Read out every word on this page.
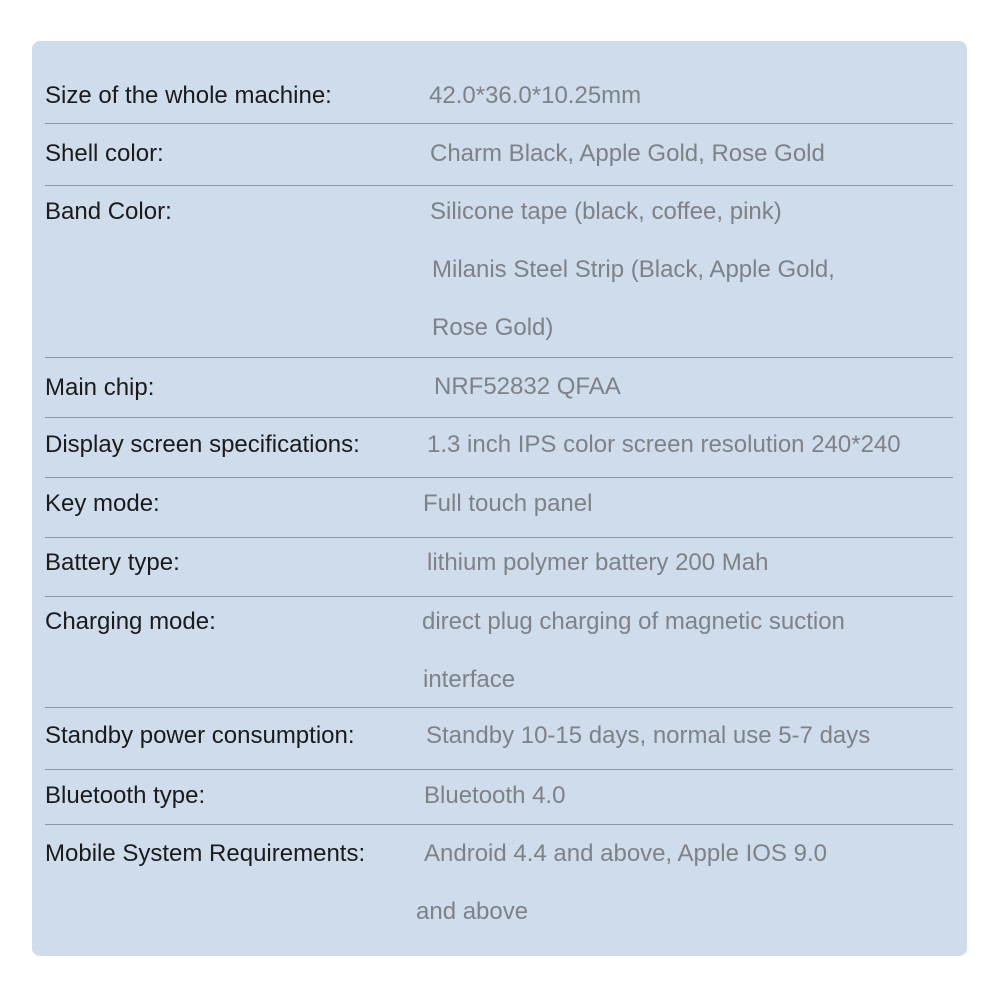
Size of the whole machine:	42.0*36.0*10.25mm
Shell color:	Charm Black, Apple Gold, Rose Gold
Band Color:	Silicone tape (black, coffee, pink)
Milanis Steel Strip (Black, Apple Gold,
Rose Gold)
Main chip:	NRF52832 QFAA
Display screen specifications:	1.3 inch IPS color screen resolution 240*240
Key mode:	Full touch panel
Battery type:	lithium polymer battery 200 Mah
Charging mode:	direct plug charging of magnetic suction
interface
Standby power consumption:	Standby 10-15 days, normal use 5-7 days
Bluetooth type:	Bluetooth 4.0
Mobile System Requirements: Android 4.4 and above, Apple IOS 9.0
and above
